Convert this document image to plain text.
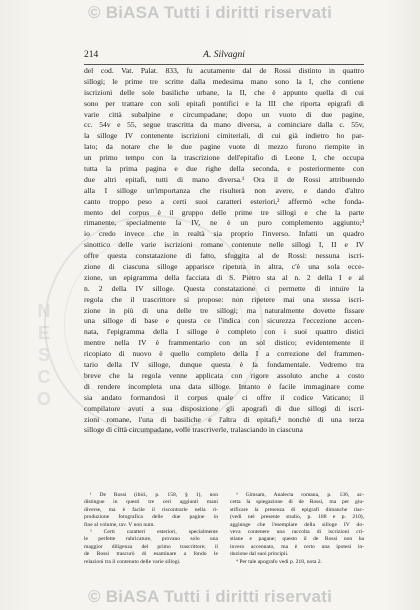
N
E
S
C
O
© BiASA Tutti i diritti riservati
214	A. Silvagni
del cod. Vat. Palat. 833, fu acutamente dal de Rossi distinto in quattro
sillogi; le prime tre scritte dalla medesima mano sono la I, che contiene
iscrizioni delle sole basiliche urbane, la II, che è appunto quella di cui
sono per trattare con soli epitafi pontifici e la III che riporta epigrafi di
varie città subalpine e circumpadane; dopo un vuoto di due pagine,
cc. 54v e 55, segue trascritta da mano diversa, a cominciare dalla c. 55v,
la silloge IV contenente iscrizioni cimiteriali, di cui già indietro ho par-
lato; da notare che le due pagine vuote di mezzo furono riempite in
un primo tempo con la trascrizione dell'epitafio di Leone I, che occupa
tutta la prima pagina e due righe della seconda, e posteriormente con
due altri epitafi, tutti di mano diversa.¹ Ora il de Rossi attribuendo
alla I silloge un'importanza che risulterà non avere, e dando d'altro
canto troppo peso a certi suoi caratteri esteriori,² affermò «che fonda-
mento del corpus è il gruppo delle prime tre sillogi e che la parte
rimanente, specialmente la IV, ne è un puro complemento aggiunto;³
io credo invece che in realtà sia proprio l'inverso. Infatti un quadro
sinottico delle varie iscrizioni romane contenute nelle sillogi I, II e IV
offre questa constatazione di fatto, sfuggita al de Rossi: nessuna iscri-
zione di ciascuna silloge apparisce ripetuta in altra, c'è una sola ecce-
zione, un epigramma della facciata di S. Pietro sta al n. 2 della I e al
n. 2 della IV silloge. Questa constatazione ci permette di intuire la
regola che il trascrittore si propose: non ripetere mai una stessa iscri-
zione in più di una delle tre sillogi; ma naturalmente dovette fissare
una silloge di base e questa ce l'indica con sicurezza l'eccezione accen-
nata, l'epigramma della I silloge è completo con i suoi quattro distici
mentre nella IV è frammentario con un sol distico; evidentemente il
ricopiato di nuovo è quello completo della I a correzione del frammen-
tario della IV silloge, dunque questa è la fondamentale. Vedremo tra
breve che la regola venne applicata con rigore assoluto anche a costo
di rendere incompleta una data silloge. Intanto è facile immaginare come
sia andato formandosi il corpus quale ci offre il codice Vaticano; il
compilatore avuti a sua disposizione gli apografi di due sillogi di iscri-
zioni romane, l'una di basiliche e l'altra di epitafi,⁴ nonchè di una terza
silloge di città circumpadane, volle trascriverle, tralasciando in ciascuna
¹ De Rossi (ibid., p. 158, § 1), non
distingue in questi tre ceri aggiunti mani
diverse, ma è facile il riscontrarle nella ri-
produzione fotografica delle due pagine in
fine al volume, tav. V non num.
² Certi caratteri esteriori, specialmente
le perfette rubricature, provano solo una
maggior diligenza del primo trascrittore; il
de Rossi trascurò di esaminare a fondo le
relazioni tra il contenuto delle varie sillogi.
³ Gimsam, Analecta romana, p. 136, ac-
cetta la spiegazione di de Rossi, ma per giu-
stificare la presenza di epigrafi dimanche riac-
(vedi nel presente studio, p. 188 e p. 210),
aggiunge che l'esemplare della silloge IV do-
veva contenere una raccolta di iscrizioni cri-
stiane e pagane; questo il de Rossi non ha
invero accennato, ma è certo una ipotesi in-
duzione dal suoi principii.
⁴ Per tale apografo vedi p. 218, nota 2.
© BiASA Tutti i diritti riservati
